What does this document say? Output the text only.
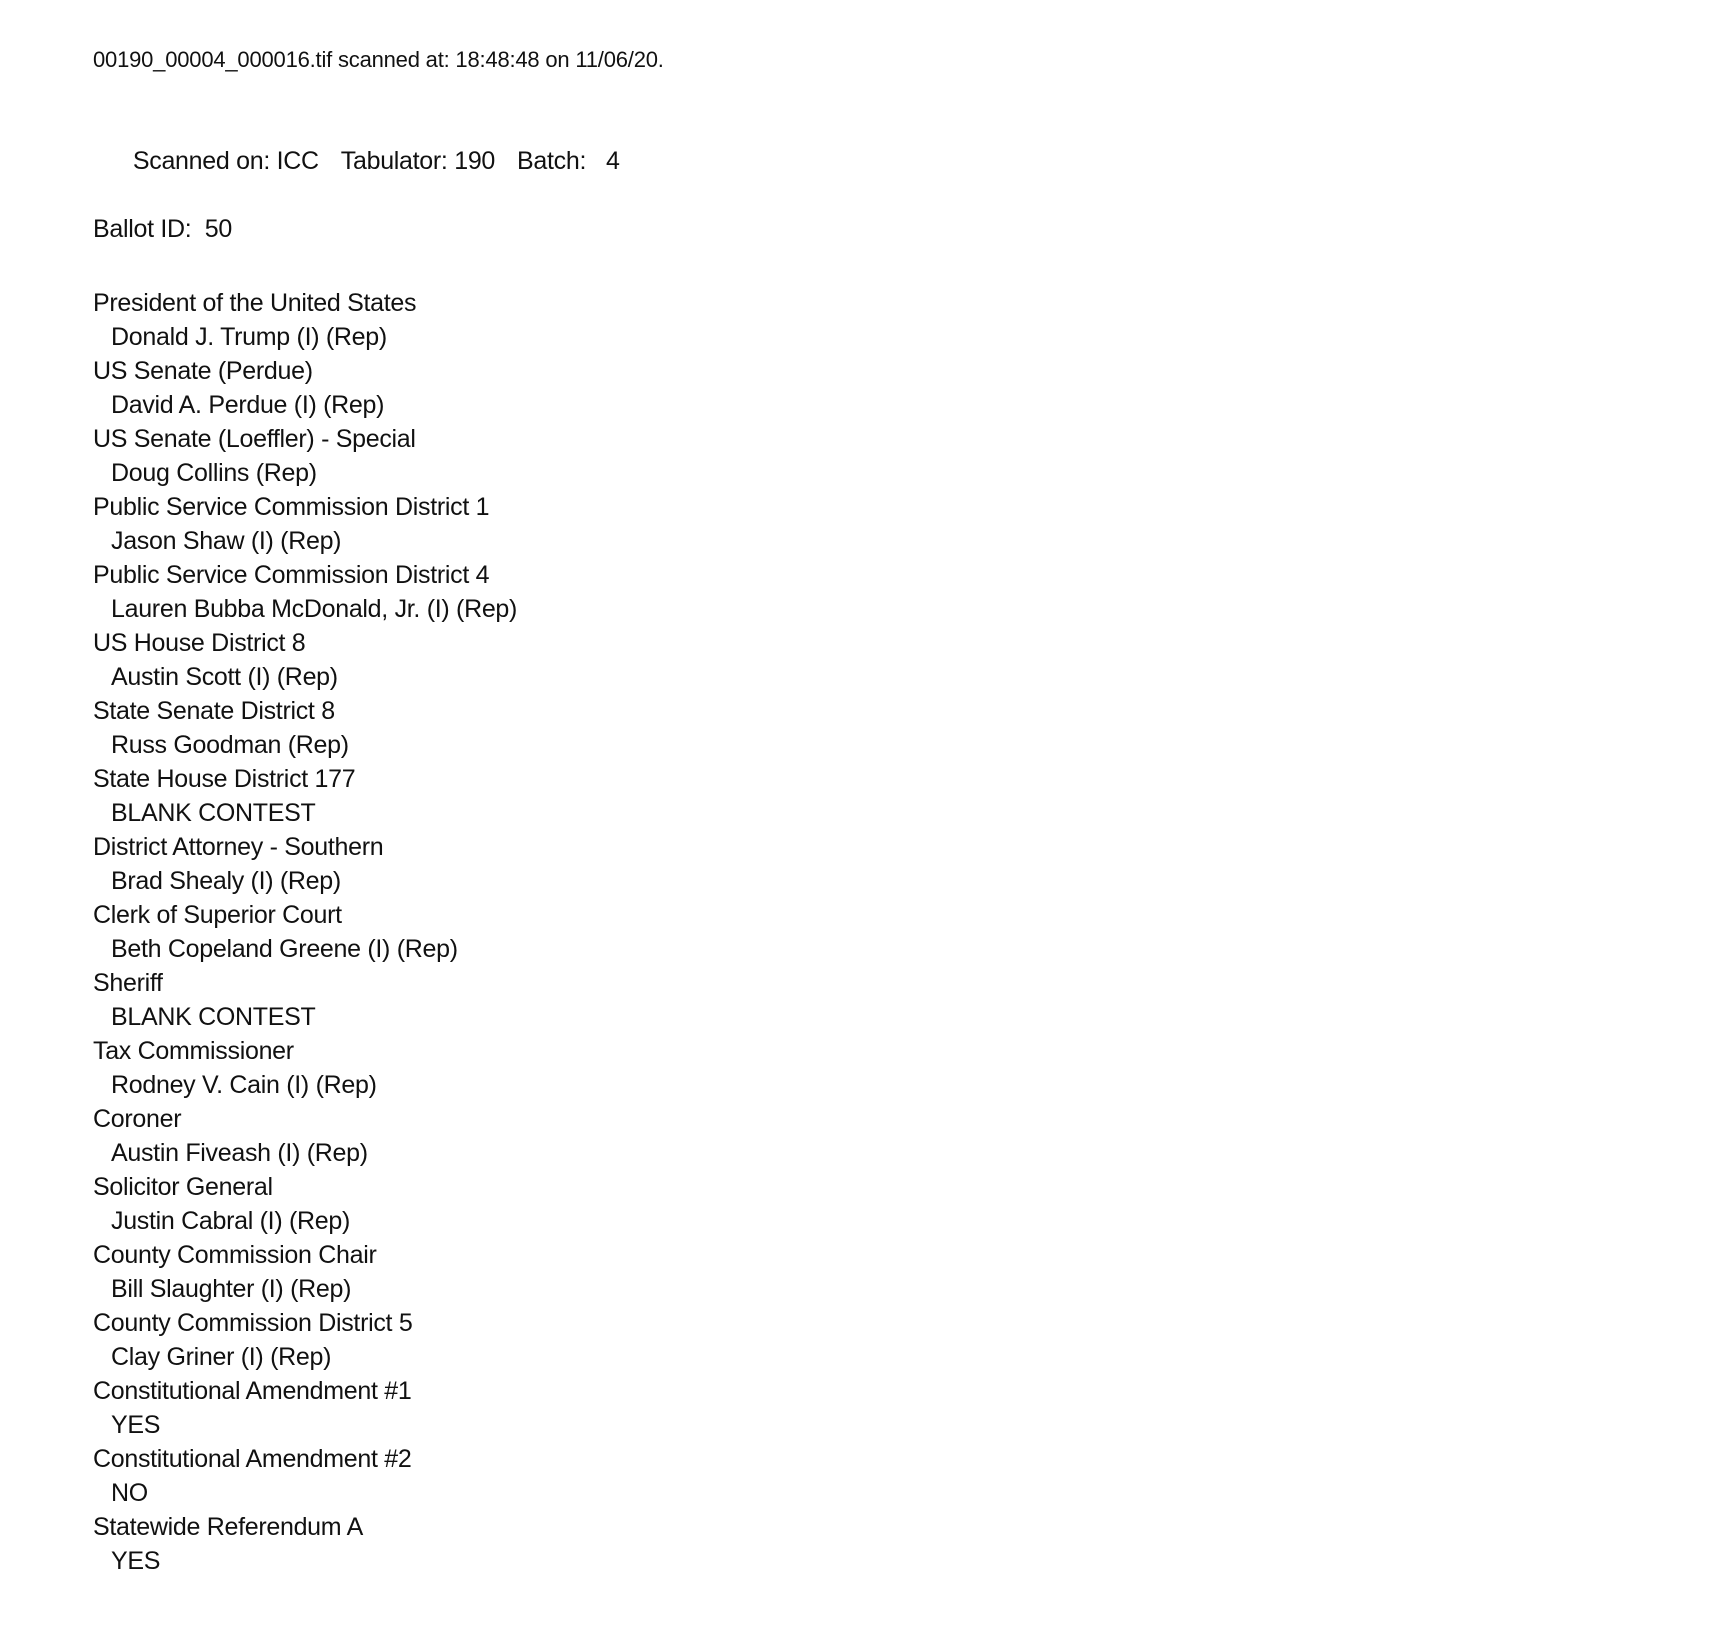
00190_00004_000016.tif scanned at: 18:48:48 on 11/06/20.

Scanned on: ICC Tabulator: 190 Batch:   4

Ballot ID:  50
President of the United States
Donald J. Trump (I) (Rep)
US Senate (Perdue)
David A. Perdue (I) (Rep)
US Senate (Loeffler) - Special
Doug Collins (Rep)
Public Service Commission District 1
Jason Shaw (I) (Rep)
Public Service Commission District 4
Lauren Bubba McDonald, Jr. (I) (Rep)
US House District 8
Austin Scott (I) (Rep)
State Senate District 8
Russ Goodman (Rep)
State House District 177
BLANK CONTEST
District Attorney - Southern
Brad Shealy (I) (Rep)
Clerk of Superior Court
Beth Copeland Greene (I) (Rep)
Sheriff
BLANK CONTEST
Tax Commissioner
Rodney V. Cain (I) (Rep)
Coroner
Austin Fiveash (I) (Rep)
Solicitor General
Justin Cabral (I) (Rep)
County Commission Chair
Bill Slaughter (I) (Rep)
County Commission District 5
Clay Griner (I) (Rep)
Constitutional Amendment #1
YES
Constitutional Amendment #2
NO
Statewide Referendum A
YES
